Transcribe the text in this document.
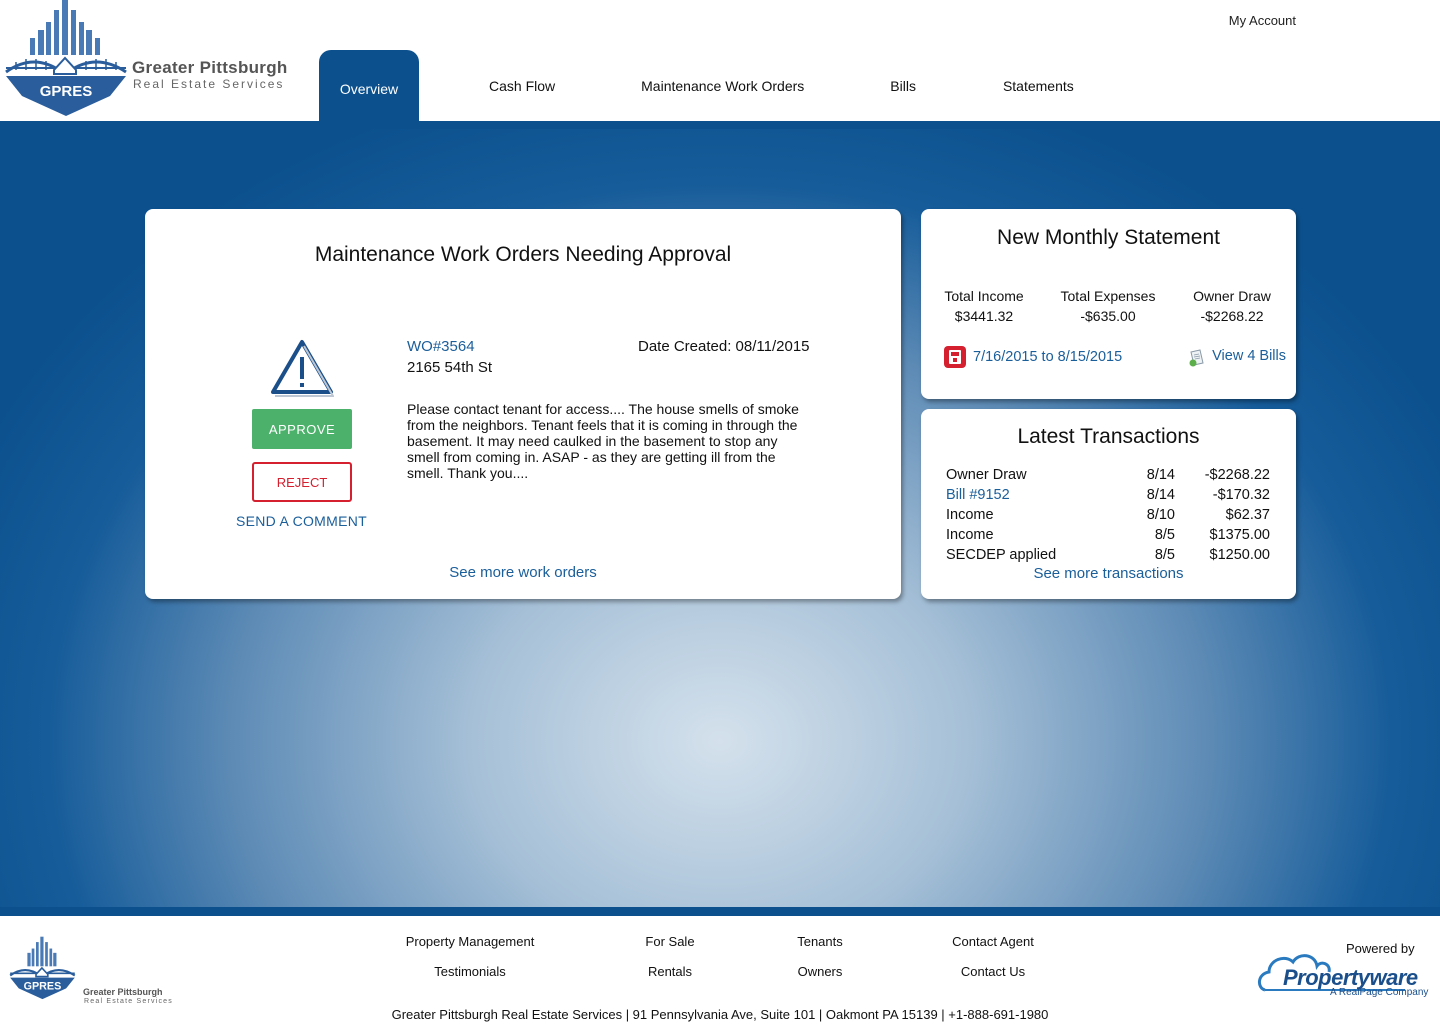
GPRES
Greater Pittsburgh
Real Estate Services
My Account
Overview	Cash Flow	Maintenance Work Orders	Bills	Statements
Maintenance Work Orders Needing Approval
APPROVE
REJECT
SEND A COMMENT
WO#3564	Date Created: 08/11/2015
2165 54th St
Please contact tenant for access.... The house smells of smoke from the neighbors. Tenant feels that it is coming in through the basement. It may need caulked in the basement to stop any smell from coming in. ASAP - as they are getting ill from the smell. Thank you....
See more work orders
New Monthly Statement
Total Income
$3441.32
Total Expenses
-$635.00
Owner Draw
-$2268.22
7/16/2015 to 8/15/2015	View 4 Bills
Latest Transactions
Owner Draw	8/14	-$2268.22
Bill #9152	8/14	-$170.32
Income	8/10	$62.37
Income	8/5	$1375.00
SECDEP applied	8/5	$1250.00
See more transactions
GPRES Greater Pittsburgh
Real Estate Services
Property Management
Testimonials
For Sale
Rentals
Tenants
Owners
Contact Agent
Contact Us
Greater Pittsburgh Real Estate Services | 91 Pennsylvania Ave, Suite 101 | Oakmont PA 15139 | +1-888-691-1980
Powered by
Propertyware
A RealPage Company
